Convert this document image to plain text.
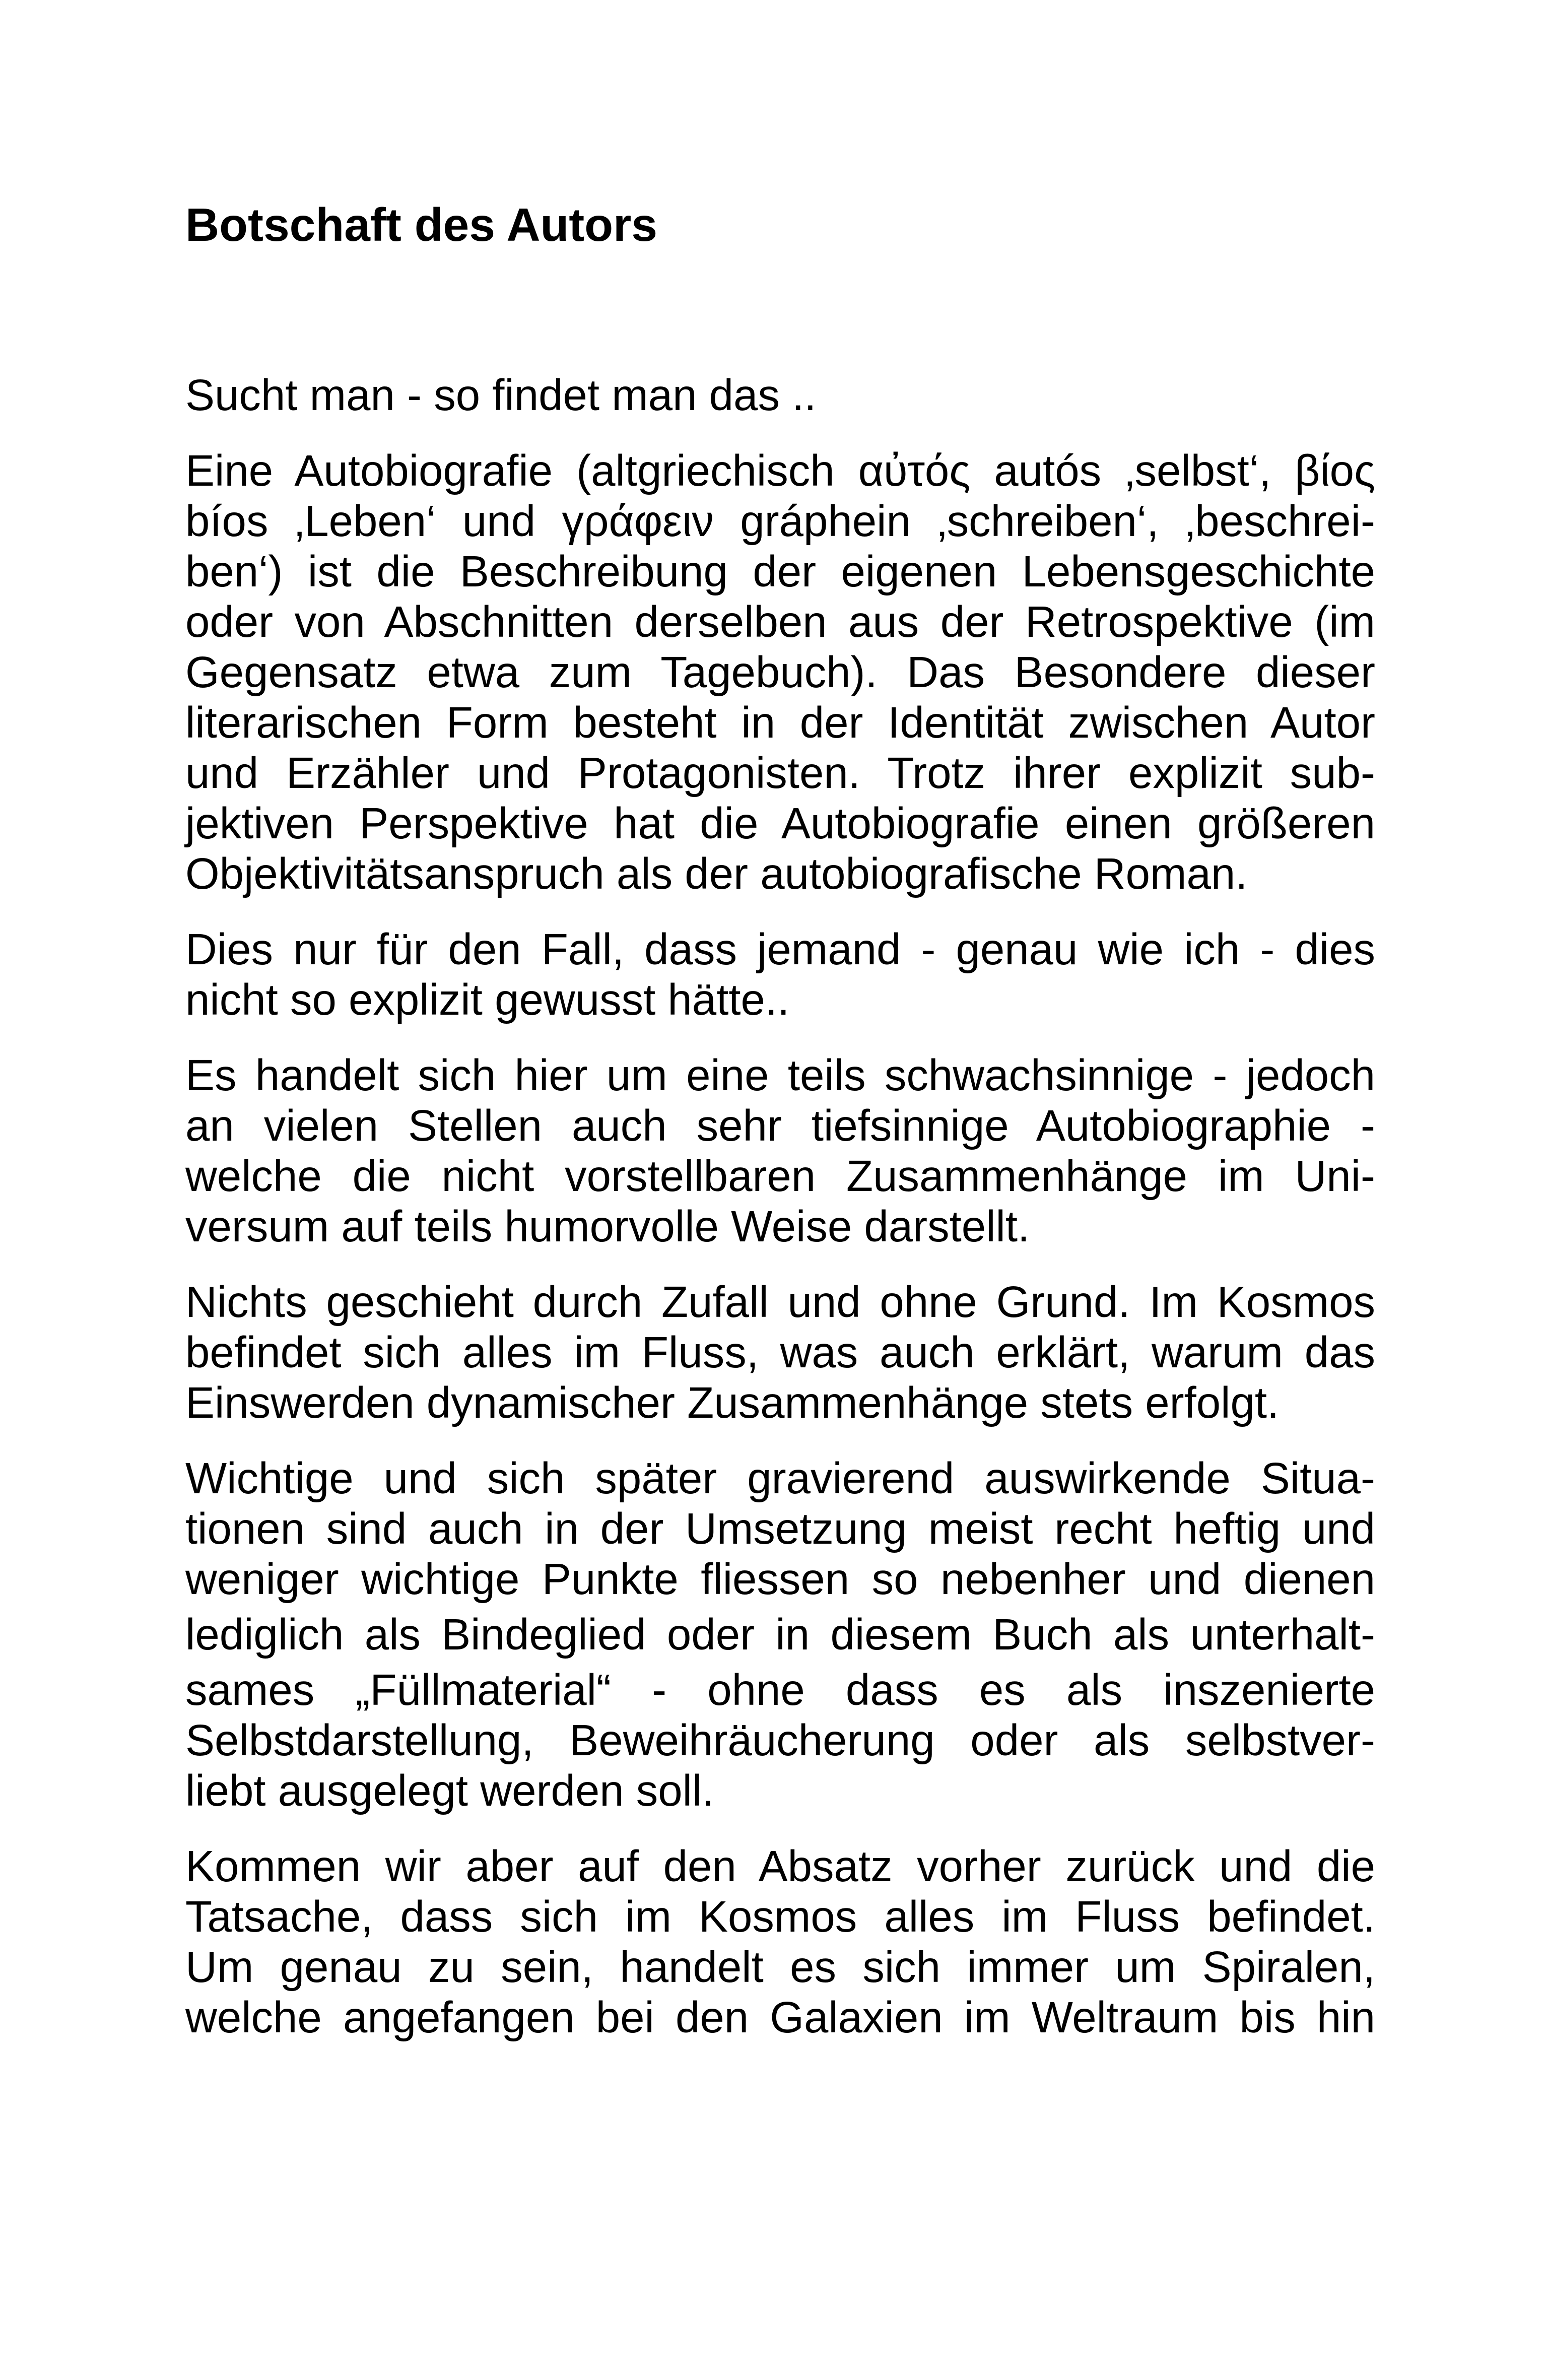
Botschaft des Autors
Sucht man - so findet man das ..
Eine Autobiografie (altgriechisch αὐτός autós ‚selbst‘, βίος
bíos ‚Leben‘ und γράφειν gráphein ‚schreiben‘, ‚beschrei-
ben‘) ist die Beschreibung der eigenen Lebensgeschichte
oder von Abschnitten derselben aus der Retrospektive (im
Gegensatz etwa zum Tagebuch). Das Besondere dieser
literarischen Form besteht in der Identität zwischen Autor
und Erzähler und Protagonisten. Trotz ihrer explizit sub-
jektiven Perspektive hat die Autobiografie einen größeren
Objektivitätsanspruch als der autobiografische Roman.
Dies nur für den Fall, dass jemand - genau wie ich - dies
nicht so explizit gewusst hätte..
Es handelt sich hier um eine teils schwachsinnige - jedoch
an vielen Stellen auch sehr tiefsinnige Autobiographie -
welche die nicht vorstellbaren Zusammenhänge im Uni-
versum auf teils humorvolle Weise darstellt.
Nichts geschieht durch Zufall und ohne Grund. Im Kosmos
befindet sich alles im Fluss, was auch erklärt, warum das
Einswerden dynamischer Zusammenhänge stets erfolgt.
Wichtige und sich später gravierend auswirkende Situa-
tionen sind auch in der Umsetzung meist recht heftig und
weniger wichtige Punkte fliessen so nebenher und dienen
lediglich als Bindeglied oder in diesem Buch als unterhalt-
sames „Füllmaterial“ - ohne dass es als inszenierte
Selbstdarstellung, Beweihräucherung oder als selbstver-
liebt ausgelegt werden soll.
Kommen wir aber auf den Absatz vorher zurück und die
Tatsache, dass sich im Kosmos alles im Fluss befindet.
Um genau zu sein, handelt es sich immer um Spiralen,
welche angefangen bei den Galaxien im Weltraum bis hin
